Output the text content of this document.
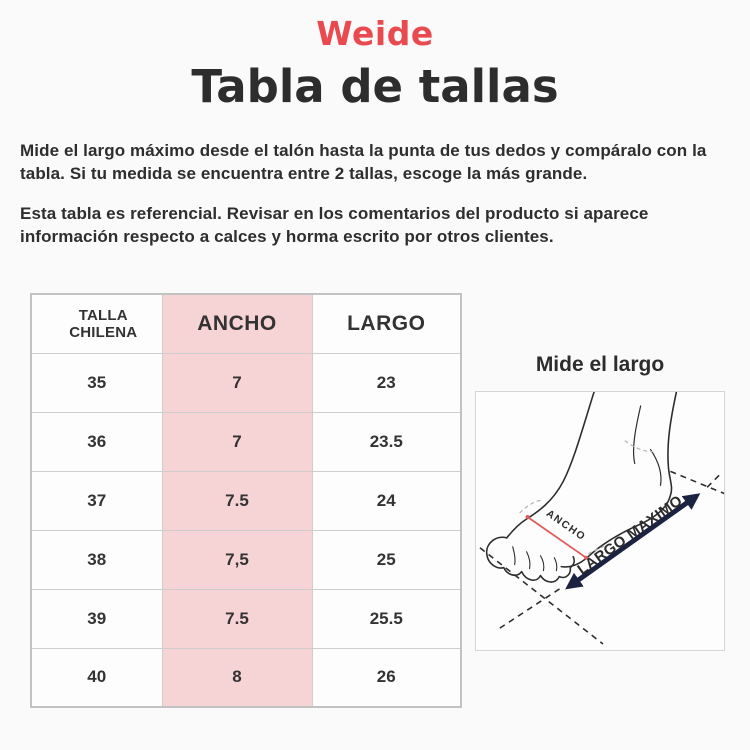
Weide
Tabla de tallas

Mide el largo máximo desde el talón hasta la punta de tus dedos y compáralo con la tabla. Si tu medida se encuentra entre 2 tallas, escoge la más grande.

Esta tabla es referencial. Revisar en los comentarios del producto si aparece información respecto a calces y horma escrito por otros clientes.

TALLA CHILENA	ANCHO	LARGO
35	7	23
36	7	23.5
37	7.5	24
38	7,5	25
39	7.5	25.5
40	8	26
Mide el largo
ANCHO
LARGO MAXIMO
